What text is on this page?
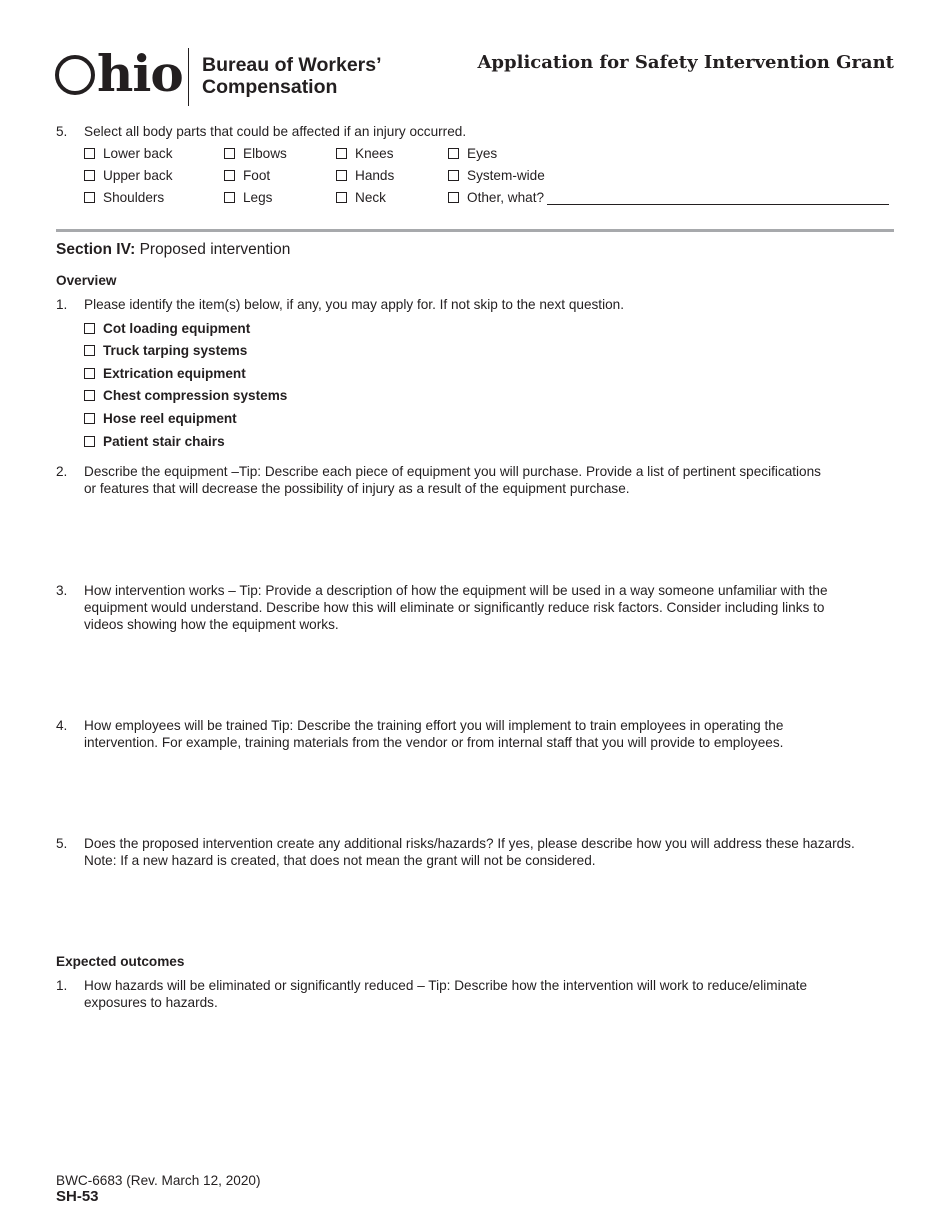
hio Bureau of Workers’
Compensation
Application for Safety Intervention Grant
5. Select all body parts that could be affected if an injury occurred.
Lower back	Elbows	Knees	Eyes
Upper back	Foot	Hands	System-wide
Shoulders	Legs	Neck	Other, what?
Section IV: Proposed intervention
Overview
1. Please identify the item(s) below, if any, you may apply for. If not skip to the next question.
Cot loading equipment
Truck tarping systems
Extrication equipment
Chest compression systems
Hose reel equipment
Patient stair chairs
2. Describe the equipment –Tip: Describe each piece of equipment you will purchase. Provide a list of pertinent specifications
or features that will decrease the possibility of injury as a result of the equipment purchase.
3. How intervention works – Tip: Provide a description of how the equipment will be used in a way someone unfamiliar with the
equipment would understand. Describe how this will eliminate or significantly reduce risk factors. Consider including links to
videos showing how the equipment works.
4. How employees will be trained Tip: Describe the training effort you will implement to train employees in operating the
intervention. For example, training materials from the vendor or from internal staff that you will provide to employees.
5. Does the proposed intervention create any additional risks/hazards? If yes, please describe how you will address these hazards.
Note: If a new hazard is created, that does not mean the grant will not be considered.
Expected outcomes
1. How hazards will be eliminated or significantly reduced – Tip: Describe how the intervention will work to reduce/eliminate
exposures to hazards.
BWC-6683 (Rev. March 12, 2020)
SH-53
